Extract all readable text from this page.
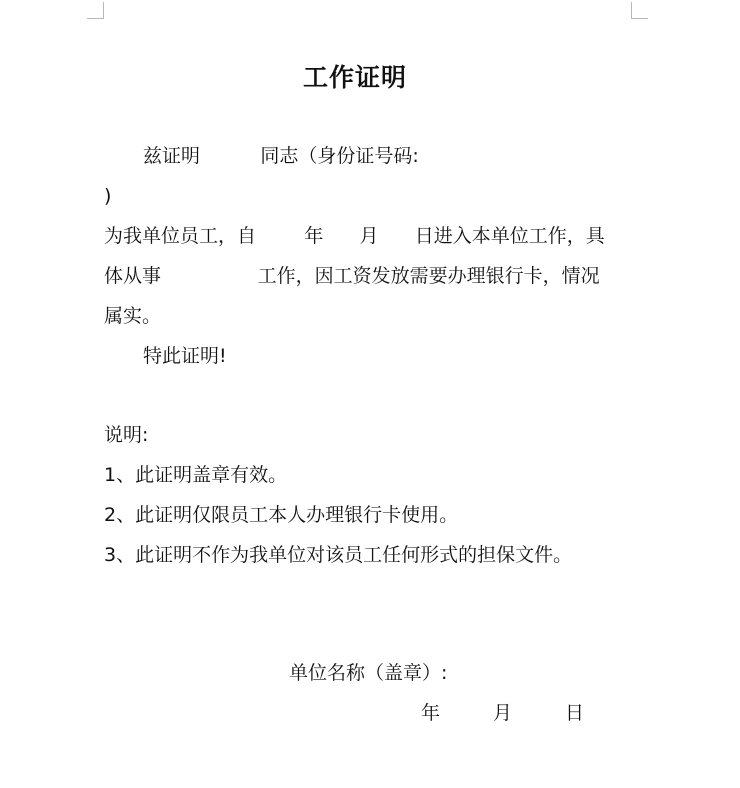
工作证明
兹证明          同志（身份证号码:
)
为我单位员工，自        年      月      日进入本单位工作，具
体从事                工作，因工资发放需要办理银行卡，情况
属实。
特此证明!
说明:
1、此证明盖章有效。
2、此证明仅限员工本人办理银行卡使用。
3、此证明不作为我单位对该员工任何形式的担保文件。
单位名称（盖章）:
年	月	日
